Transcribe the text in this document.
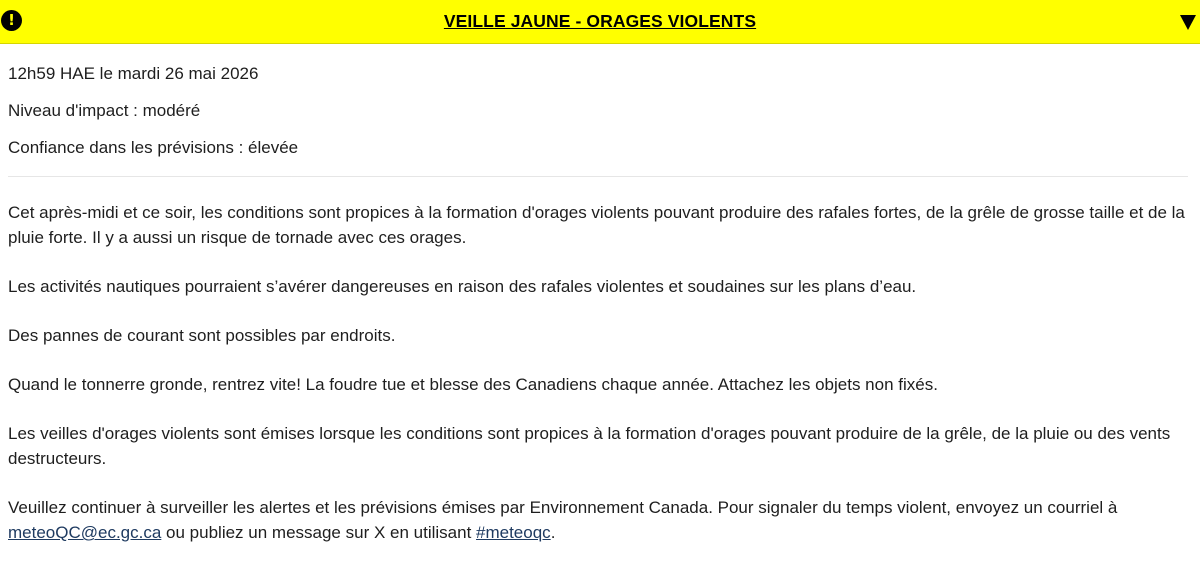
!	VEILLE JAUNE - ORAGES VIOLENTS

12h59 HAE le mardi 26 mai 2026

Niveau d'impact : modéré

Confiance dans les prévisions : élevée

Cet après-midi et ce soir, les conditions sont propices à la formation d'orages violents pouvant produire des rafales fortes, de la grêle de grosse taille et de la pluie forte. Il y a aussi un risque de tornade avec ces orages.

Les activités nautiques pourraient s’avérer dangereuses en raison des rafales violentes et soudaines sur les plans d’eau.

Des pannes de courant sont possibles par endroits.

Quand le tonnerre gronde, rentrez vite! La foudre tue et blesse des Canadiens chaque année. Attachez les objets non fixés.

Les veilles d'orages violents sont émises lorsque les conditions sont propices à la formation d'orages pouvant produire de la grêle, de la pluie ou des vents destructeurs.

Veuillez continuer à surveiller les alertes et les prévisions émises par Environnement Canada. Pour signaler du temps violent, envoyez un courriel à meteoQC@ec.gc.ca ou publiez un message sur X en utilisant #meteoqc.
